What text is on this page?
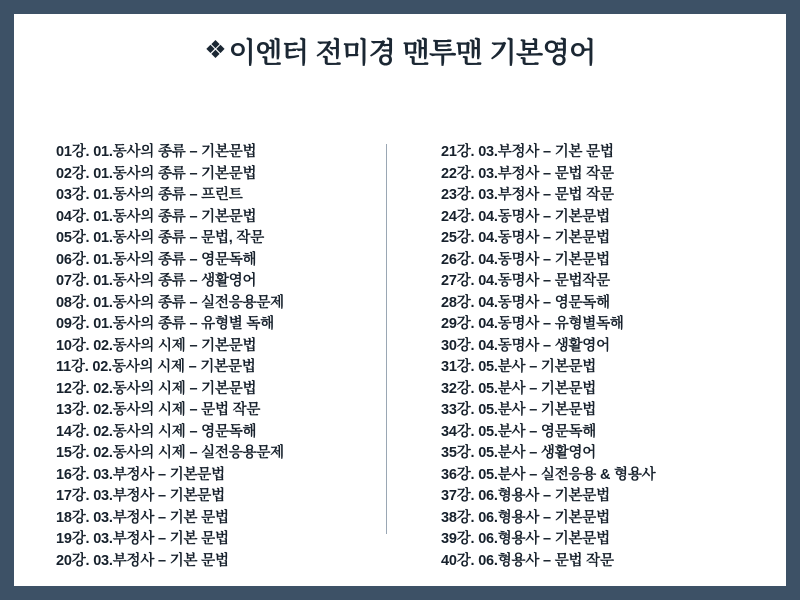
❖ 이엔터 전미경 맨투맨 기본영어
01강. 01.동사의 종류 – 기본문법
02강. 01.동사의 종류 – 기본문법
03강. 01.동사의 종류 – 프린트
04강. 01.동사의 종류 – 기본문법
05강. 01.동사의 종류 – 문법, 작문
06강. 01.동사의 종류 – 영문독해
07강. 01.동사의 종류 – 생활영어
08강. 01.동사의 종류 – 실전응용문제
09강. 01.동사의 종류 – 유형별 독해
10강. 02.동사의 시제 – 기본문법
11강. 02.동사의 시제 – 기본문법
12강. 02.동사의 시제 – 기본문법
13강. 02.동사의 시제 – 문법 작문
14강. 02.동사의 시제 – 영문독해
15강. 02.동사의 시제 – 실전응용문제
16강. 03.부정사 – 기본문법
17강. 03.부정사 – 기본문법
18강. 03.부정사 – 기본 문법
19강. 03.부정사 – 기본 문법
20강. 03.부정사 – 기본 문법
21강. 03.부정사 – 기본 문법
22강. 03.부정사 – 문법 작문
23강. 03.부정사 – 문법 작문
24강. 04.동명사 – 기본문법
25강. 04.동명사 – 기본문법
26강. 04.동명사 – 기본문법
27강. 04.동명사 – 문법작문
28강. 04.동명사 – 영문독해
29강. 04.동명사 – 유형별독해
30강. 04.동명사 – 생활영어
31강. 05.분사 – 기본문법
32강. 05.분사 – 기본문법
33강. 05.분사 – 기본문법
34강. 05.분사 – 영문독해
35강. 05.분사 – 생활영어
36강. 05.분사 – 실전응용 & 형용사
37강. 06.형용사 – 기본문법
38강. 06.형용사 – 기본문법
39강. 06.형용사 – 기본문법
40강. 06.형용사 – 문법 작문
